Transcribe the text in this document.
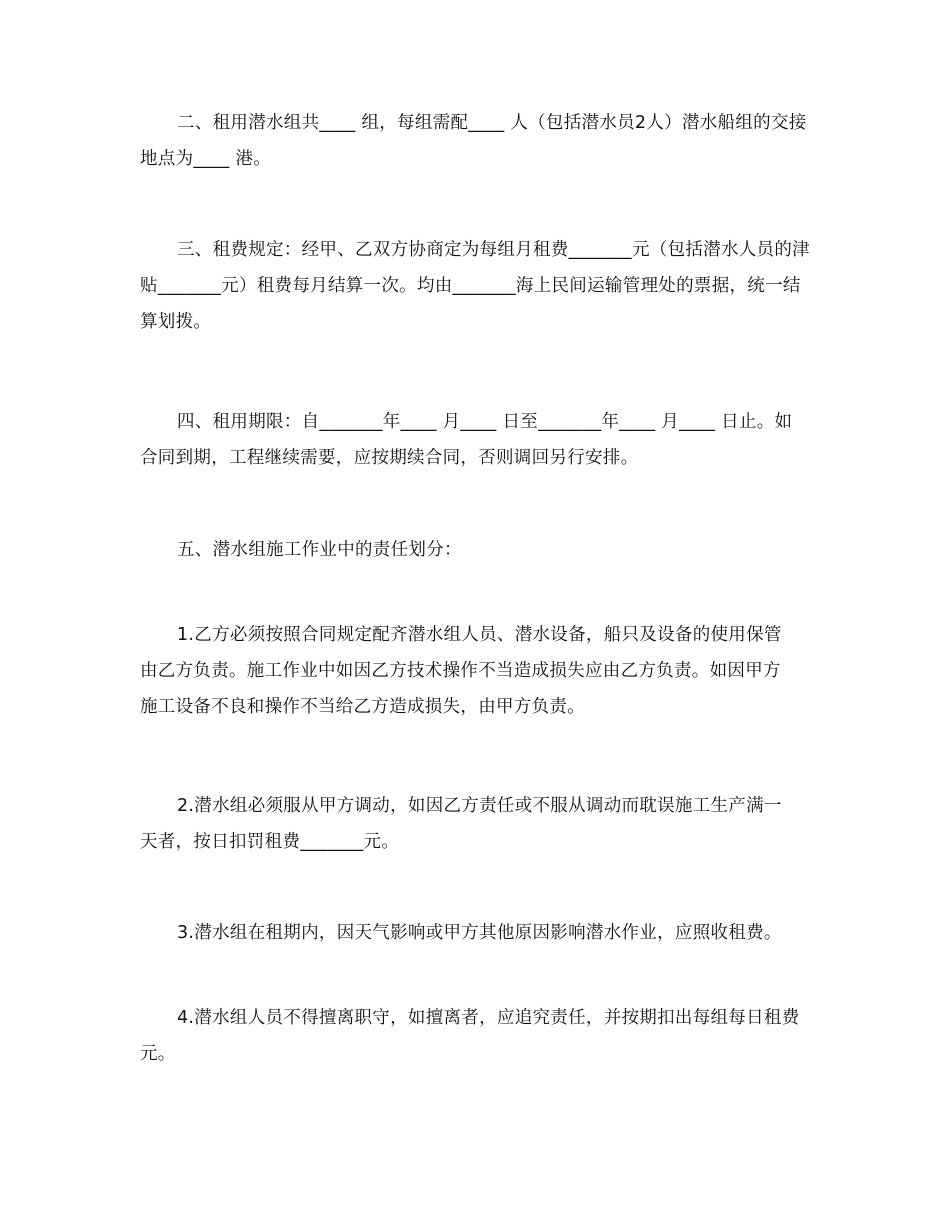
二、租用潜水组共____ 组，每组需配____ 人（包括潜水员2人）潜水船组的交接
地点为____ 港。

三、租费规定：经甲、乙双方协商定为每组月租费_______元（包括潜水人员的津
贴_______元）租费每月结算一次。均由_______海上民间运输管理处的票据，统一结
算划拨。

四、租用期限：自_______年____ 月____ 日至_______年____ 月____ 日止。如
合同到期，工程继续需要，应按期续合同，否则调回另行安排。

五、潜水组施工作业中的责任划分：

1.乙方必须按照合同规定配齐潜水组人员、潜水设备，船只及设备的使用保管
由乙方负责。施工作业中如因乙方技术操作不当造成损失应由乙方负责。如因甲方
施工设备不良和操作不当给乙方造成损失，由甲方负责。

2.潜水组必须服从甲方调动，如因乙方责任或不服从调动而耽误施工生产满一
天者，按日扣罚租费_______元。

3.潜水组在租期内，因天气影响或甲方其他原因影响潜水作业，应照收租费。

4.潜水组人员不得擅离职守，如擅离者，应追究责任，并按期扣出每组每日租费
元。
